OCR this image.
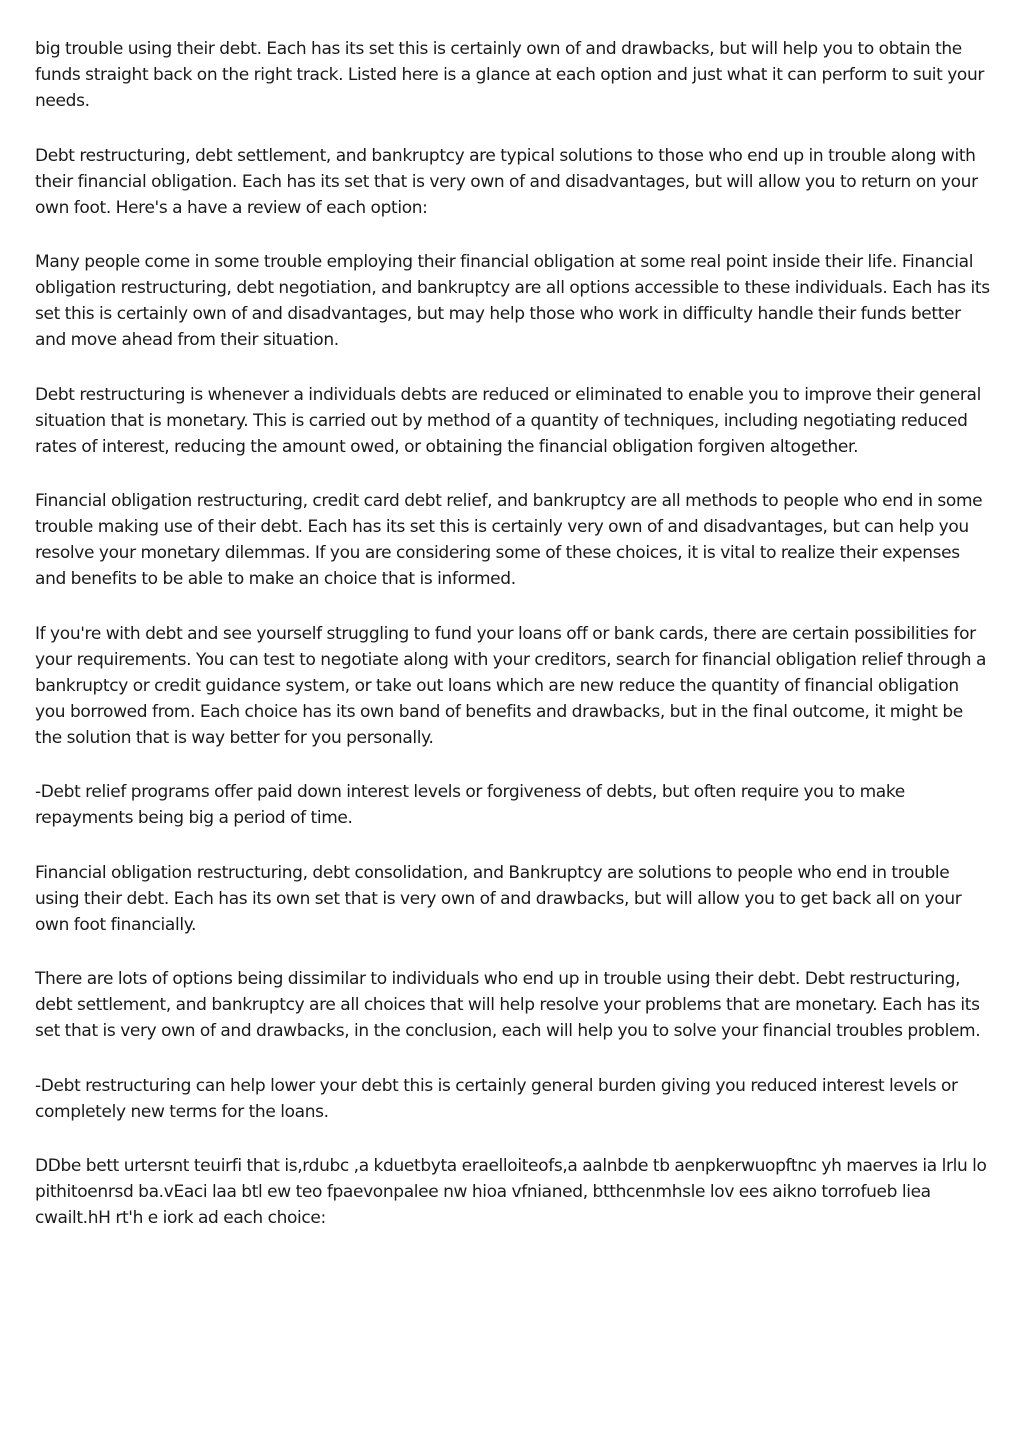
big trouble using their debt. Each has its set this is certainly own of and drawbacks, but will help you to obtain the funds straight back on the right track. Listed here is a glance at each option and just what it can perform to suit your needs.

Debt restructuring, debt settlement, and bankruptcy are typical solutions to those who end up in trouble along with their financial obligation. Each has its set that is very own of and disadvantages, but will allow you to return on your own foot. Here's a have a review of each option:

Many people come in some trouble employing their financial obligation at some real point inside their life. Financial obligation restructuring, debt negotiation, and bankruptcy are all options accessible to these individuals. Each has its set this is certainly own of and disadvantages, but may help those who work in difficulty handle their funds better and move ahead from their situation.

Debt restructuring is whenever a individuals debts are reduced or eliminated to enable you to improve their general situation that is monetary. This is carried out by method of a quantity of techniques, including negotiating reduced rates of interest, reducing the amount owed, or obtaining the financial obligation forgiven altogether.

Financial obligation restructuring, credit card debt relief, and bankruptcy are all methods to people who end in some trouble making use of their debt. Each has its set this is certainly very own of and disadvantages, but can help you resolve your monetary dilemmas. If you are considering some of these choices, it is vital to realize their expenses and benefits to be able to make an choice that is informed.

If you're with debt and see yourself struggling to fund your loans off or bank cards, there are certain possibilities for your requirements. You can test to negotiate along with your creditors, search for financial obligation relief through a bankruptcy or credit guidance system, or take out loans which are new reduce the quantity of financial obligation you borrowed from. Each choice has its own band of benefits and drawbacks, but in the final outcome, it might be the solution that is way better for you personally.

-Debt relief programs offer paid down interest levels or forgiveness of debts, but often require you to make repayments being big a period of time.

Financial obligation restructuring, debt consolidation, and Bankruptcy are solutions to people who end in trouble using their debt. Each has its own set that is very own of and drawbacks, but will allow you to get back all on your own foot financially.

There are lots of options being dissimilar to individuals who end up in trouble using their debt. Debt restructuring, debt settlement, and bankruptcy are all choices that will help resolve your problems that are monetary. Each has its set that is very own of and drawbacks, in the conclusion, each will help you to solve your financial troubles problem.

-Debt restructuring can help lower your debt this is certainly general burden giving you reduced interest levels or completely new terms for the loans.

DDbe bett urtersnt teuirfi that is,rdubc ,a kduetbyta eraelloiteofs,a aalnbde tb aenpkerwuopftnc yh maerves ia lrlu lo pithitoenrsd ba.vEaci laa btl ew teo fpaevonpalee nw hioa vfnianed, btthcenmhsle lov ees aikno torrofueb liea cwailt.hH rt'h e iork ad each choice:
